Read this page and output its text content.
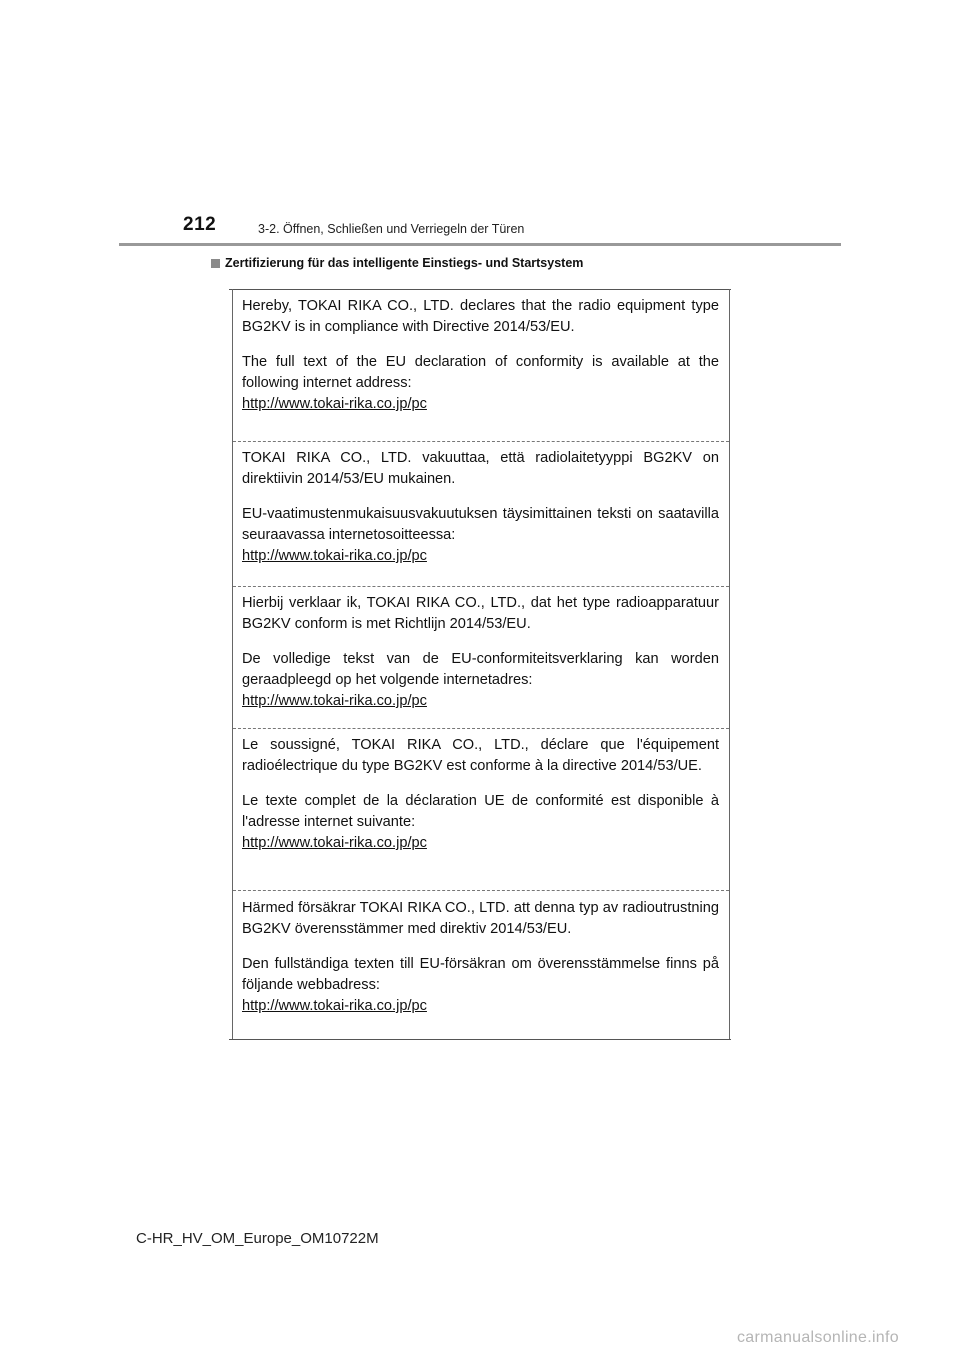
212	3-2. Öffnen, Schließen und Verriegeln der Türen
Zertifizierung für das intelligente Einstiegs- und Startsystem

Hereby, TOKAI RIKA CO., LTD. declares that the radio equipment type BG2KV is in compliance with Directive 2014/53/EU.

The full text of the EU declaration of conformity is available at the following internet address:

http://www.tokai-rika.co.jp/pc

TOKAI RIKA CO., LTD. vakuuttaa, että radiolaitetyyppi BG2KV on direktiivin 2014/53/EU mukainen.

EU-vaatimustenmukaisuusvakuutuksen täysimittainen teksti on saatavilla seuraavassa internetosoitteessa:

http://www.tokai-rika.co.jp/pc

Hierbij verklaar ik, TOKAI RIKA CO., LTD., dat het type radioapparatuur BG2KV conform is met Richtlijn 2014/53/EU.

De volledige tekst van de EU-conformiteitsverklaring kan worden geraadpleegd op het volgende internetadres:

http://www.tokai-rika.co.jp/pc

Le soussigné, TOKAI RIKA CO., LTD., déclare que l'équipement radioélectrique du type BG2KV est conforme à la directive 2014/53/UE.

Le texte complet de la déclaration UE de conformité est disponible à l'adresse internet suivante:

http://www.tokai-rika.co.jp/pc

Härmed försäkrar TOKAI RIKA CO., LTD. att denna typ av radioutrustning BG2KV överensstämmer med direktiv 2014/53/EU.

Den fullständiga texten till EU-försäkran om överensstämmelse finns på följande webbadress:

http://www.tokai-rika.co.jp/pc
C-HR_HV_OM_Europe_OM10722M
carmanualsonline.info
